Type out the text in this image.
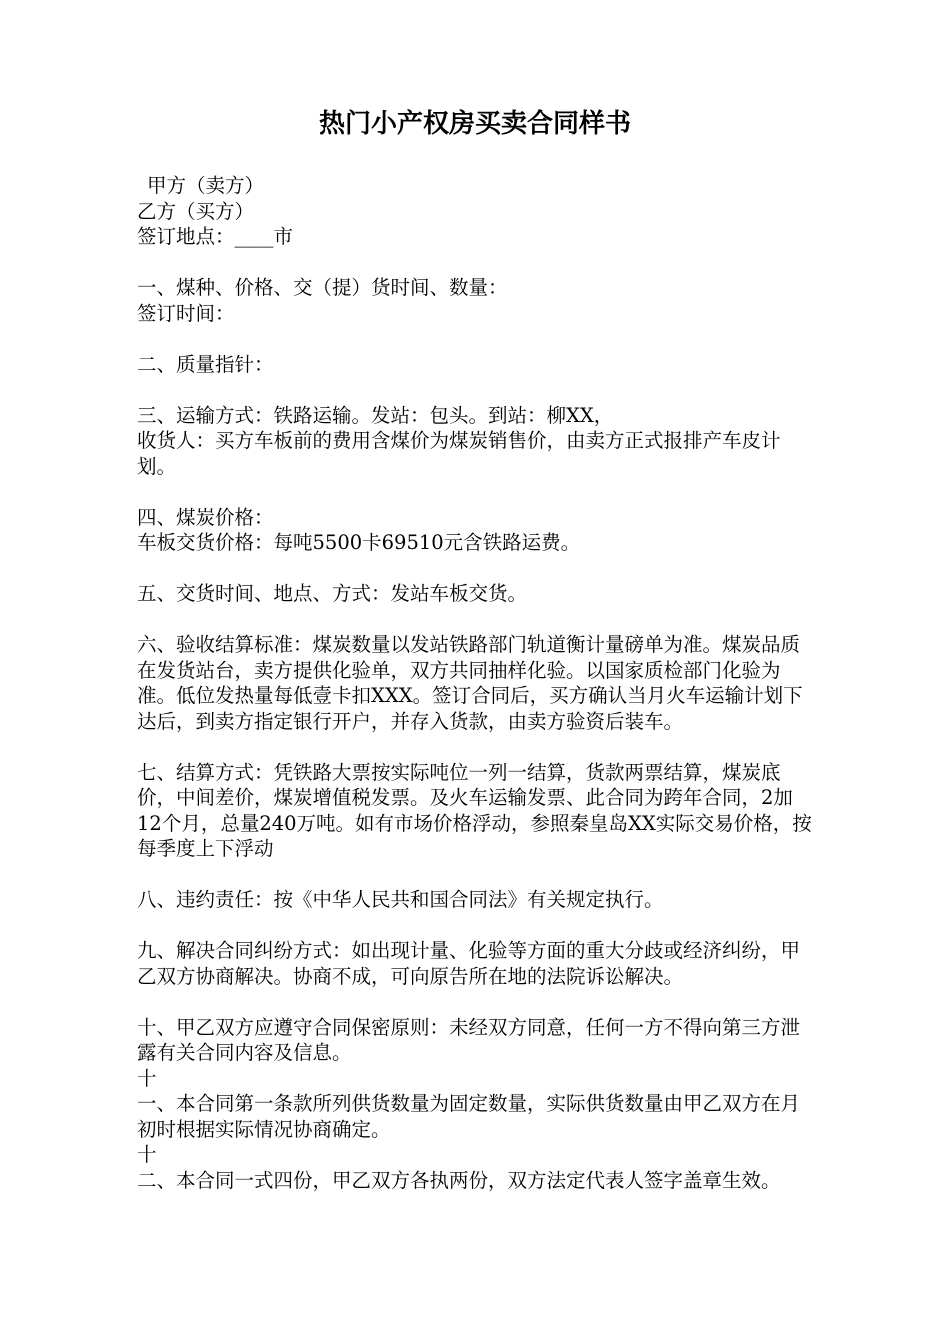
热门小产权房买卖合同样书

甲方（卖方）

乙方（买方）

签订地点：____市

一、煤种、价格、交（提）货时间、数量：

签订时间：

二、质量指针：

三、运输方式：铁路运输。发站：包头。到站：柳XX，

收货人：买方车板前的费用含煤价为煤炭销售价，由卖方正式报排产车皮计划。

四、煤炭价格：

车板交货价格：每吨5500卡69510元含铁路运费。

五、交货时间、地点、方式：发站车板交货。

六、验收结算标准：煤炭数量以发站铁路部门轨道衡计量磅单为准。煤炭品质在发货站台，卖方提供化验单，双方共同抽样化验。以国家质检部门化验为准。低位发热量每低壹卡扣XXX。签订合同后，买方确认当月火车运输计划下达后，到卖方指定银行开户，并存入货款，由卖方验资后装车。

七、结算方式：凭铁路大票按实际吨位一列一结算，货款两票结算，煤炭底价，中间差价，煤炭增值税发票。及火车运输发票、此合同为跨年合同，2加12个月，总量240万吨。如有市场价格浮动，参照秦皇岛XX实际交易价格，按每季度上下浮动

八、违约责任：按《中华人民共和国合同法》有关规定执行。

九、解决合同纠纷方式：如出现计量、化验等方面的重大分歧或经济纠纷，甲乙双方协商解决。协商不成，可向原告所在地的法院诉讼解决。

十、甲乙双方应遵守合同保密原则：未经双方同意，任何一方不得向第三方泄露有关合同内容及信息。

十

一、本合同第一条款所列供货数量为固定数量，实际供货数量由甲乙双方在月初时根据实际情况协商确定。

十

二、本合同一式四份，甲乙双方各执两份，双方法定代表人签字盖章生效。
